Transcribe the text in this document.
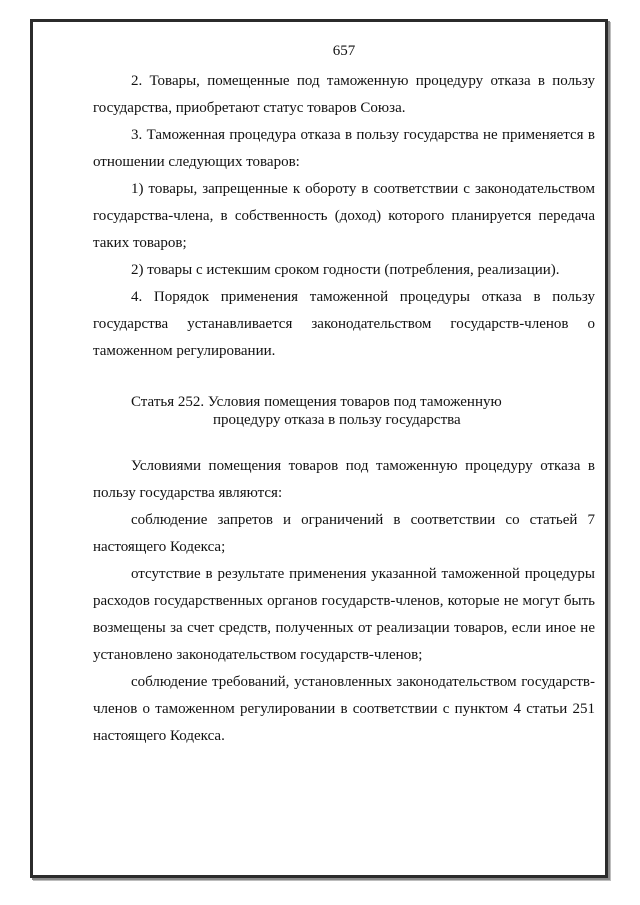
657

2. Товары, помещенные под таможенную процедуру отказа в пользу государства, приобретают статус товаров Союза.

3. Таможенная процедура отказа в пользу государства не применяется в отношении следующих товаров:

1) товары, запрещенные к обороту в соответствии с законодательством государства-члена, в собственность (доход) которого планируется передача таких товаров;

2) товары с истекшим сроком годности (потребления, реализации).

4. Порядок применения таможенной процедуры отказа в пользу государства устанавливается законодательством государств-членов о таможенном регулировании.

Статья 252. Условия помещения товаров под таможенную
процедуру отказа в пользу государства

Условиями помещения товаров под таможенную процедуру отказа в пользу государства являются:

соблюдение запретов и ограничений в соответствии со статьей 7 настоящего Кодекса;

отсутствие в результате применения указанной таможенной процедуры расходов государственных органов государств-членов, которые не могут быть возмещены за счет средств, полученных от реализации товаров, если иное не установлено законодательством государств-членов;

соблюдение требований, установленных законодательством государств-членов о таможенном регулировании в соответствии с пунктом 4 статьи 251 настоящего Кодекса.
